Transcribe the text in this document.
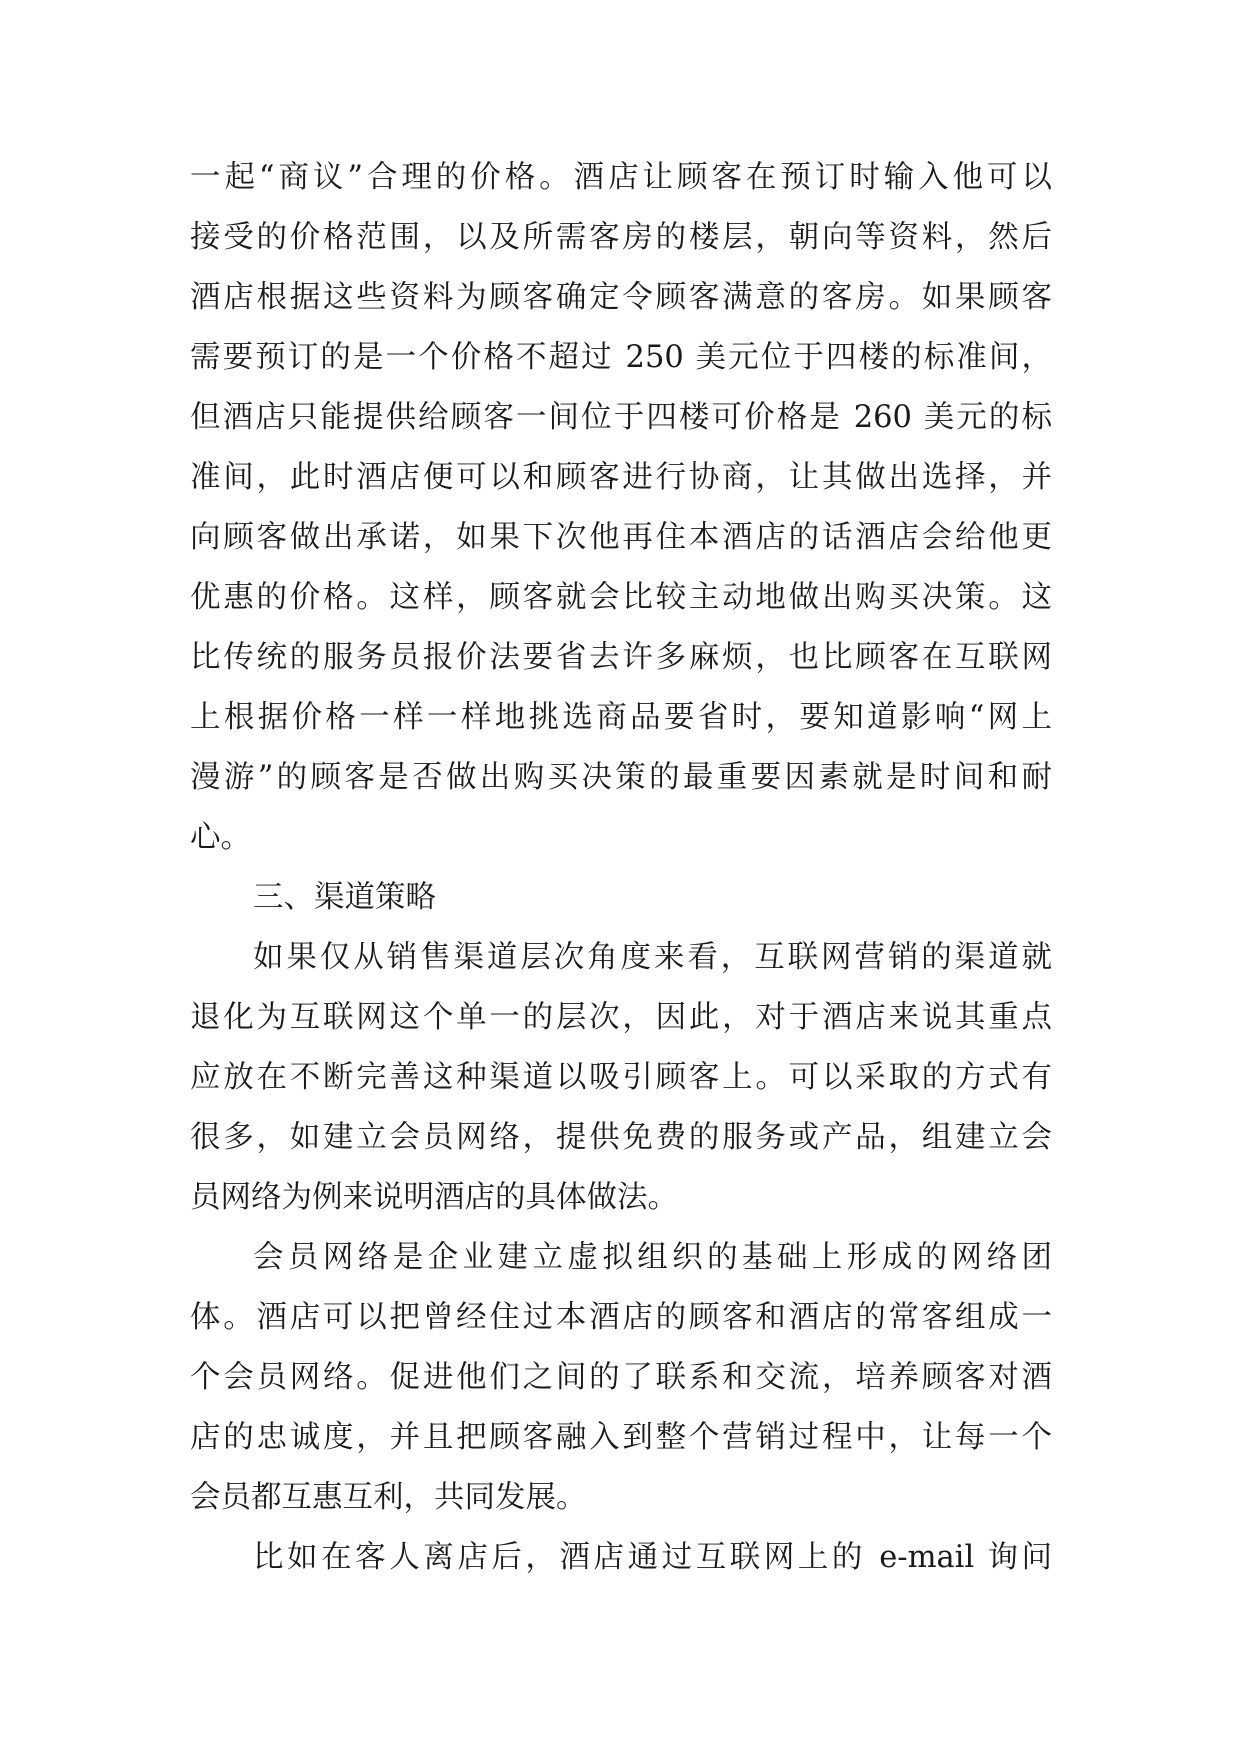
一起“商议”合理的价格。酒店让顾客在预订时输入他可以
接受的价格范围，以及所需客房的楼层，朝向等资料，然后
酒店根据这些资料为顾客确定令顾客满意的客房。如果顾客
需要预订的是一个价格不超过 250 美元位于四楼的标准间，
但酒店只能提供给顾客一间位于四楼可价格是 260 美元的标
准间，此时酒店便可以和顾客进行协商，让其做出选择，并
向顾客做出承诺，如果下次他再住本酒店的话酒店会给他更
优惠的价格。这样，顾客就会比较主动地做出购买决策。这
比传统的服务员报价法要省去许多麻烦，也比顾客在互联网
上根据价格一样一样地挑选商品要省时，要知道影响“网上
漫游”的顾客是否做出购买决策的最重要因素就是时间和耐
心。
三、渠道策略
如果仅从销售渠道层次角度来看，互联网营销的渠道就
退化为互联网这个单一的层次，因此，对于酒店来说其重点
应放在不断完善这种渠道以吸引顾客上。可以采取的方式有
很多，如建立会员网络，提供免费的服务或产品，组建立会
员网络为例来说明酒店的具体做法。
会员网络是企业建立虚拟组织的基础上形成的网络团
体。酒店可以把曾经住过本酒店的顾客和酒店的常客组成一
个会员网络。促进他们之间的了联系和交流，培养顾客对酒
店的忠诚度，并且把顾客融入到整个营销过程中，让每一个
会员都互惠互利，共同发展。
比如在客人离店后，酒店通过互联网上的 e-mail 询问
